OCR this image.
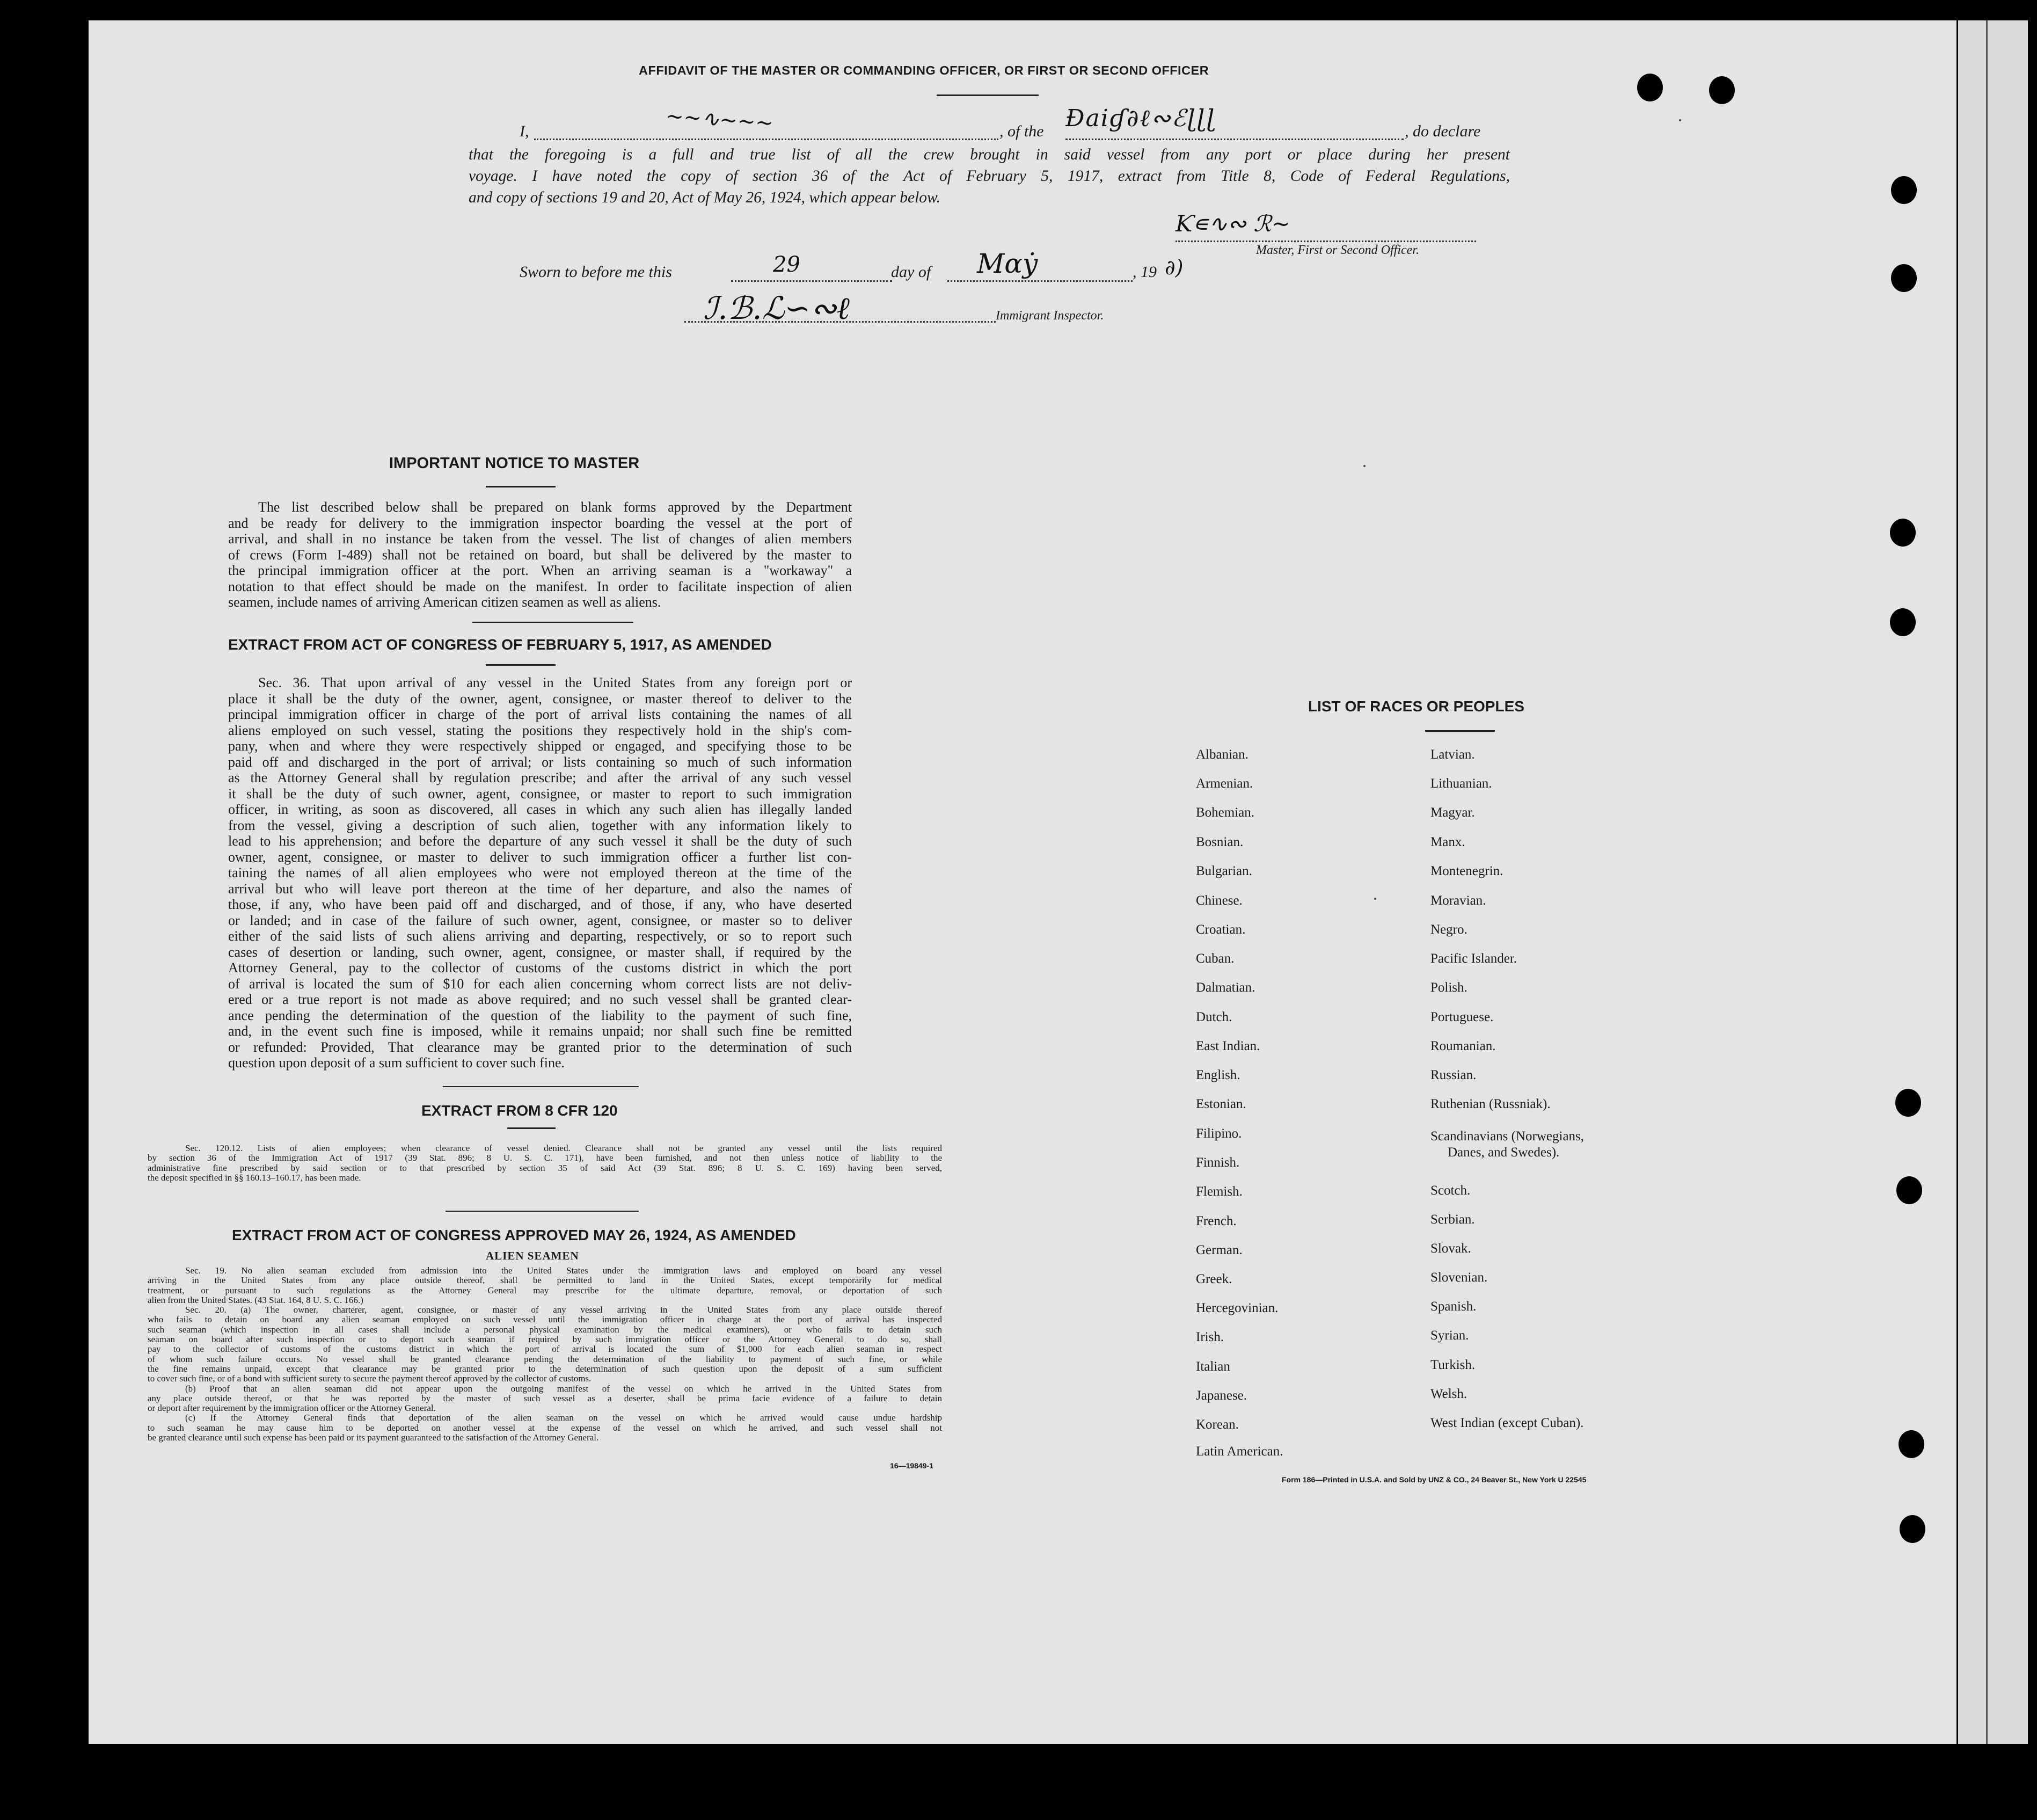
AFFIDAVIT OF THE MASTER OR COMMANDING OFFICER, OR FIRST OR SECOND OFFICER
I,	~~∿~~~	, of the Ɖaiɠ∂ℓ∾ℰɭɭɭ	, do declare
that the foregoing is a full and true list of all the crew brought in said vessel from any port or place during her present
voyage. I have noted the copy of section 36 of the Act of February 5, 1917, extract from Title 8, Code of Federal Regulations,
and copy of sections 19 and 20, Act of May 26, 1924, which appear below.
Ƙ∊∿∾ ℛ~
Master, First or Second Officer.
Sworn to before me this	29	day of Mαẏ	, 19 ∂)
ℐ.ℬ.ℒ∽∾ℓ	Immigrant Inspector.
IMPORTANT NOTICE TO MASTER
The list described below shall be prepared on blank forms approved by the Department
and be ready for delivery to the immigration inspector boarding the vessel at the port of
arrival, and shall in no instance be taken from the vessel. The list of changes of alien members
of crews (Form I-489) shall not be retained on board, but shall be delivered by the master to
the principal immigration officer at the port. When an arriving seaman is a "workaway" a
notation to that effect should be made on the manifest. In order to facilitate inspection of alien
seamen, include names of arriving American citizen seamen as well as aliens.
EXTRACT FROM ACT OF CONGRESS OF FEBRUARY 5, 1917, AS AMENDED
Sec. 36. That upon arrival of any vessel in the United States from any foreign port or
place it shall be the duty of the owner, agent, consignee, or master thereof to deliver to the
principal immigration officer in charge of the port of arrival lists containing the names of all
aliens employed on such vessel, stating the positions they respectively hold in the ship's com-
pany, when and where they were respectively shipped or engaged, and specifying those to be
paid off and discharged in the port of arrival; or lists containing so much of such information
as the Attorney General shall by regulation prescribe; and after the arrival of any such vessel
it shall be the duty of such owner, agent, consignee, or master to report to such immigration
officer, in writing, as soon as discovered, all cases in which any such alien has illegally landed
from the vessel, giving a description of such alien, together with any information likely to
lead to his apprehension; and before the departure of any such vessel it shall be the duty of such
owner, agent, consignee, or master to deliver to such immigration officer a further list con-
taining the names of all alien employees who were not employed thereon at the time of the
arrival but who will leave port thereon at the time of her departure, and also the names of
those, if any, who have been paid off and discharged, and of those, if any, who have deserted
or landed; and in case of the failure of such owner, agent, consignee, or master so to deliver
either of the said lists of such aliens arriving and departing, respectively, or so to report such
cases of desertion or landing, such owner, agent, consignee, or master shall, if required by the
Attorney General, pay to the collector of customs of the customs district in which the port
of arrival is located the sum of $10 for each alien concerning whom correct lists are not deliv-
ered or a true report is not made as above required; and no such vessel shall be granted clear-
ance pending the determination of the question of the liability to the payment of such fine,
and, in the event such fine is imposed, while it remains unpaid; nor shall such fine be remitted
or refunded: Provided, That clearance may be granted prior to the determination of such
question upon deposit of a sum sufficient to cover such fine.
EXTRACT FROM 8 CFR 120
Sec. 120.12. Lists of alien employees; when clearance of vessel denied. Clearance shall not be granted any vessel until the lists required
by section 36 of the Immigration Act of 1917 (39 Stat. 896; 8 U. S. C. 171), have been furnished, and not then unless notice of liability to the
administrative fine prescribed by said section or to that prescribed by section 35 of said Act (39 Stat. 896; 8 U. S. C. 169) having been served,
the deposit specified in §§ 160.13–160.17, has been made.
EXTRACT FROM ACT OF CONGRESS APPROVED MAY 26, 1924, AS AMENDED
ALIEN SEAMEN
Sec. 19. No alien seaman excluded from admission into the United States under the immigration laws and employed on board any vessel
arriving in the United States from any place outside thereof, shall be permitted to land in the United States, except temporarily for medical
treatment, or pursuant to such regulations as the Attorney General may prescribe for the ultimate departure, removal, or deportation of such
alien from the United States. (43 Stat. 164, 8 U. S. C. 166.)
Sec. 20. (a) The owner, charterer, agent, consignee, or master of any vessel arriving in the United States from any place outside thereof
who fails to detain on board any alien seaman employed on such vessel until the immigration officer in charge at the port of arrival has inspected
such seaman (which inspection in all cases shall include a personal physical examination by the medical examiners), or who fails to detain such
seaman on board after such inspection or to deport such seaman if required by such immigration officer or the Attorney General to do so, shall
pay to the collector of customs of the customs district in which the port of arrival is located the sum of $1,000 for each alien seaman in respect
of whom such failure occurs. No vessel shall be granted clearance pending the determination of the liability to payment of such fine, or while
the fine remains unpaid, except that clearance may be granted prior to the determination of such question upon the deposit of a sum sufficient
to cover such fine, or of a bond with sufficient surety to secure the payment thereof approved by the collector of customs.
(b) Proof that an alien seaman did not appear upon the outgoing manifest of the vessel on which he arrived in the United States from
any place outside thereof, or that he was reported by the master of such vessel as a deserter, shall be prima facie evidence of a failure to detain
or deport after requirement by the immigration officer or the Attorney General.
(c) If the Attorney General finds that deportation of the alien seaman on the vessel on which he arrived would cause undue hardship
to such seaman he may cause him to be deported on another vessel at the expense of the vessel on which he arrived, and such vessel shall not
be granted clearance until such expense has been paid or its payment guaranteed to the satisfaction of the Attorney General.
16—19849-1
LIST OF RACES OR PEOPLES
Albanian.
Armenian.
Bohemian.
Bosnian.
Bulgarian.
Chinese.
Croatian.
Cuban.
Dalmatian.
Dutch.
East Indian.
English.
Estonian.
Filipino.
Finnish.
Flemish.
French.
German.
Greek.
Hercegovinian.
Irish.
Italian
Japanese.
Korean.
Latin American.
Latvian.
Lithuanian.
Magyar.
Manx.
Montenegrin.
Moravian.
Negro.
Pacific Islander.
Polish.
Portuguese.
Roumanian.
Russian.
Ruthenian (Russniak).
Scandinavians (Norwegians,
Danes, and Swedes).
Scotch.
Serbian.
Slovak.
Slovenian.
Spanish.
Syrian.
Turkish.
Welsh.
West Indian (except Cuban).
Form 186—Printed in U.S.A. and Sold by UNZ & CO., 24 Beaver St., New York U 22545
